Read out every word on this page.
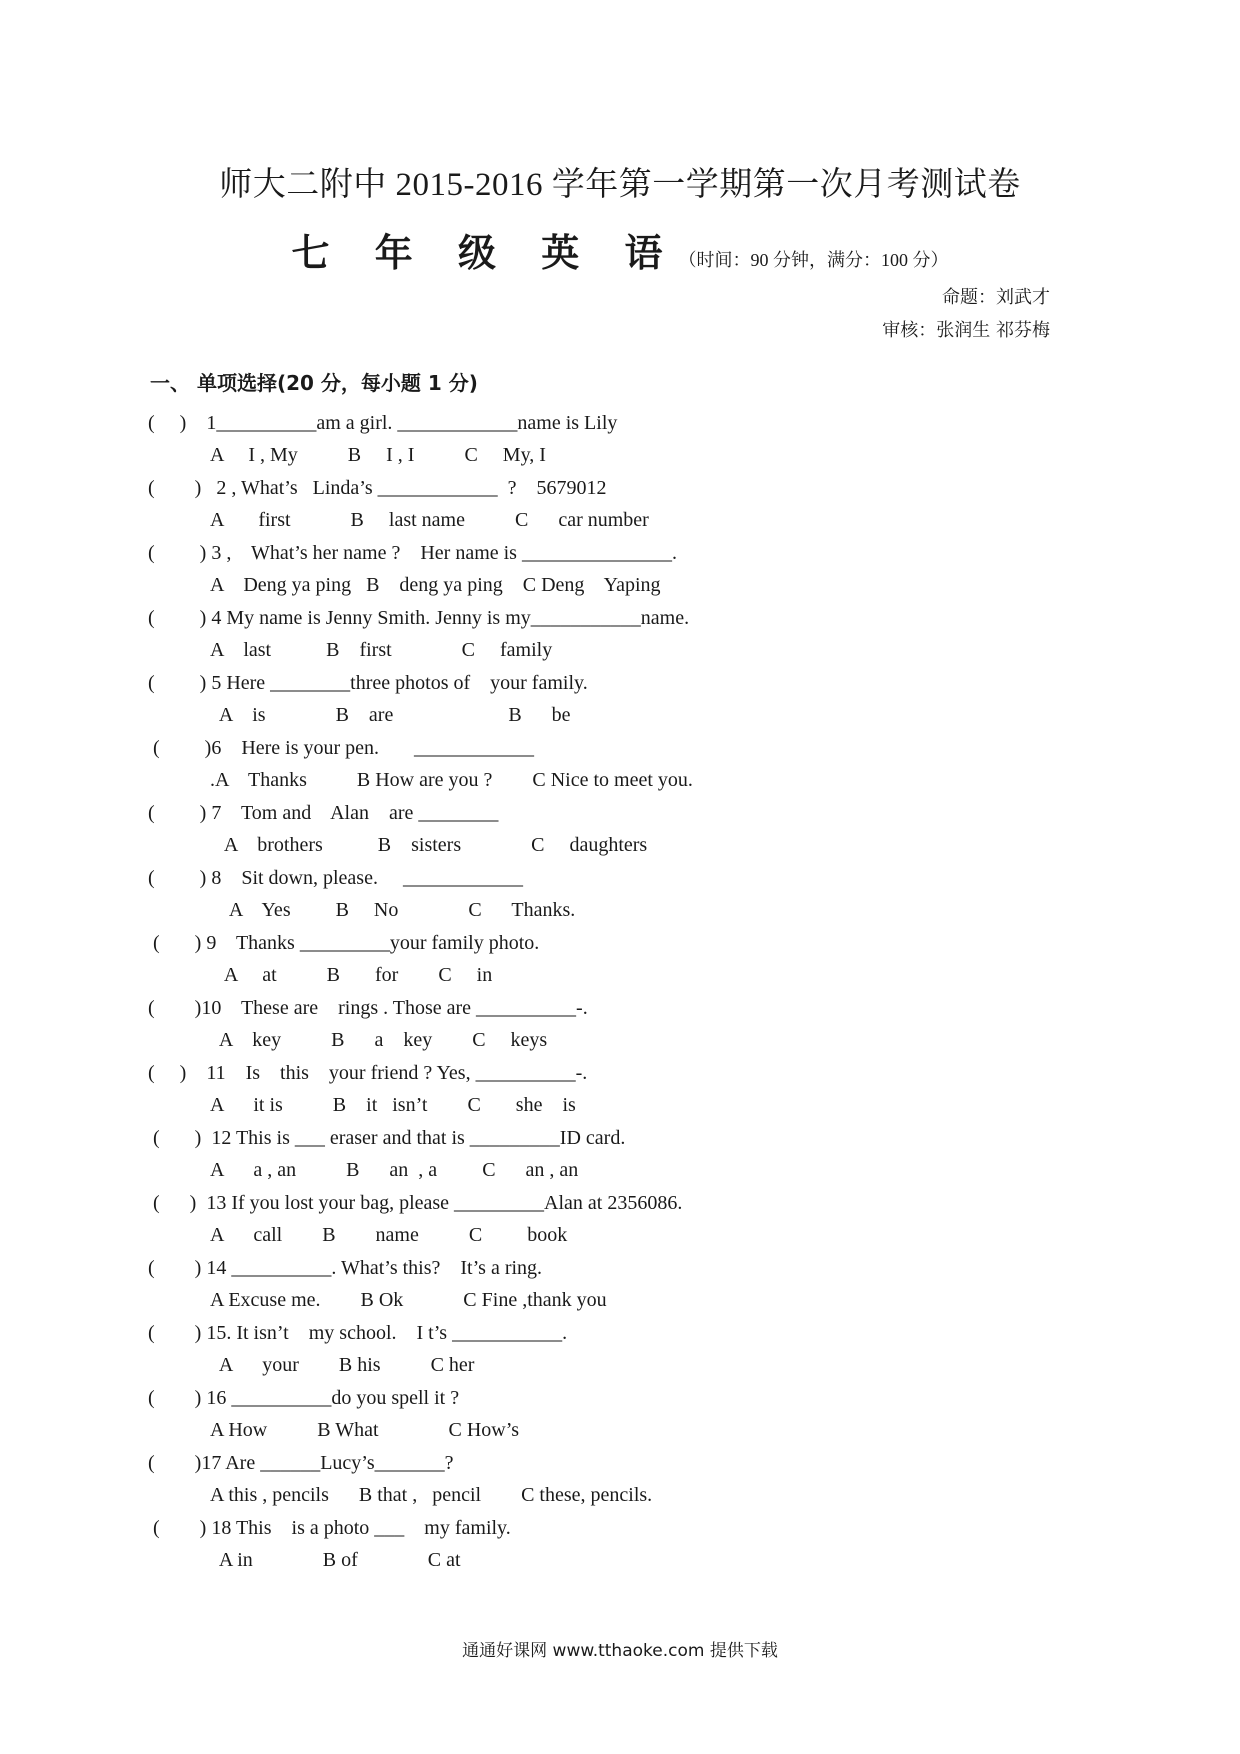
师大二附中 2015-2016 学年第一学期第一次月考测试卷
七 年 级 英 语（时间：90 分钟，满分：100 分）
命题：刘武才
审核：张润生 祁芬梅
一、 单项选择(20 分，每小题 1 分)
(     )    1__________am a girl. ____________name is Lily
A     I , My          B     I , I          C     My, I
(        )   2 , What’s   Linda’s ____________  ?    5679012
A       first            B     last name          C      car number
(         ) 3 ,    What’s her name ?    Her name is _______________.
A    Deng ya ping   B    deng ya ping    C Deng    Yaping
(         ) 4 My name is Jenny Smith. Jenny is my___________name.
A    last           B    first              C     family
(         ) 5 Here ________three photos of    your family.
A    is              B    are                       B      be
(         )6    Here is your pen.       ____________
.A    Thanks          B How are you ?        C Nice to meet you.
(         ) 7    Tom and    Alan    are ________
A    brothers           B    sisters              C     daughters
(         ) 8    Sit down, please.     ____________
A    Yes         B     No              C      Thanks.
(       ) 9    Thanks _________your family photo.
A     at          B       for        C     in
(        )10    These are    rings . Those are __________-.
A    key          B      a    key        C     keys
(     )    11    Is    this    your friend ? Yes, __________-.
A      it is          B    it   isn’t        C       she    is
(       )  12 This is ___ eraser and that is _________ID card.
A      a , an          B      an  , a         C      an , an
(      )  13 If you lost your bag, please _________Alan at 2356086.
A      call        B        name          C         book
(        ) 14 __________. What’s this?    It’s a ring.
A Excuse me.        B Ok            C Fine ,thank you
(        ) 15. It isn’t    my school.    I t’s ___________.
A      your        B his          C her
(        ) 16 __________do you spell it ?
A How          B What              C How’s
(        )17 Are ______Lucy’s_______?
A this , pencils      B that ,   pencil        C these, pencils.
(        ) 18 This    is a photo ___    my family.
A in              B of              C at
通通好课网 www.tthaoke.com 提供下载
